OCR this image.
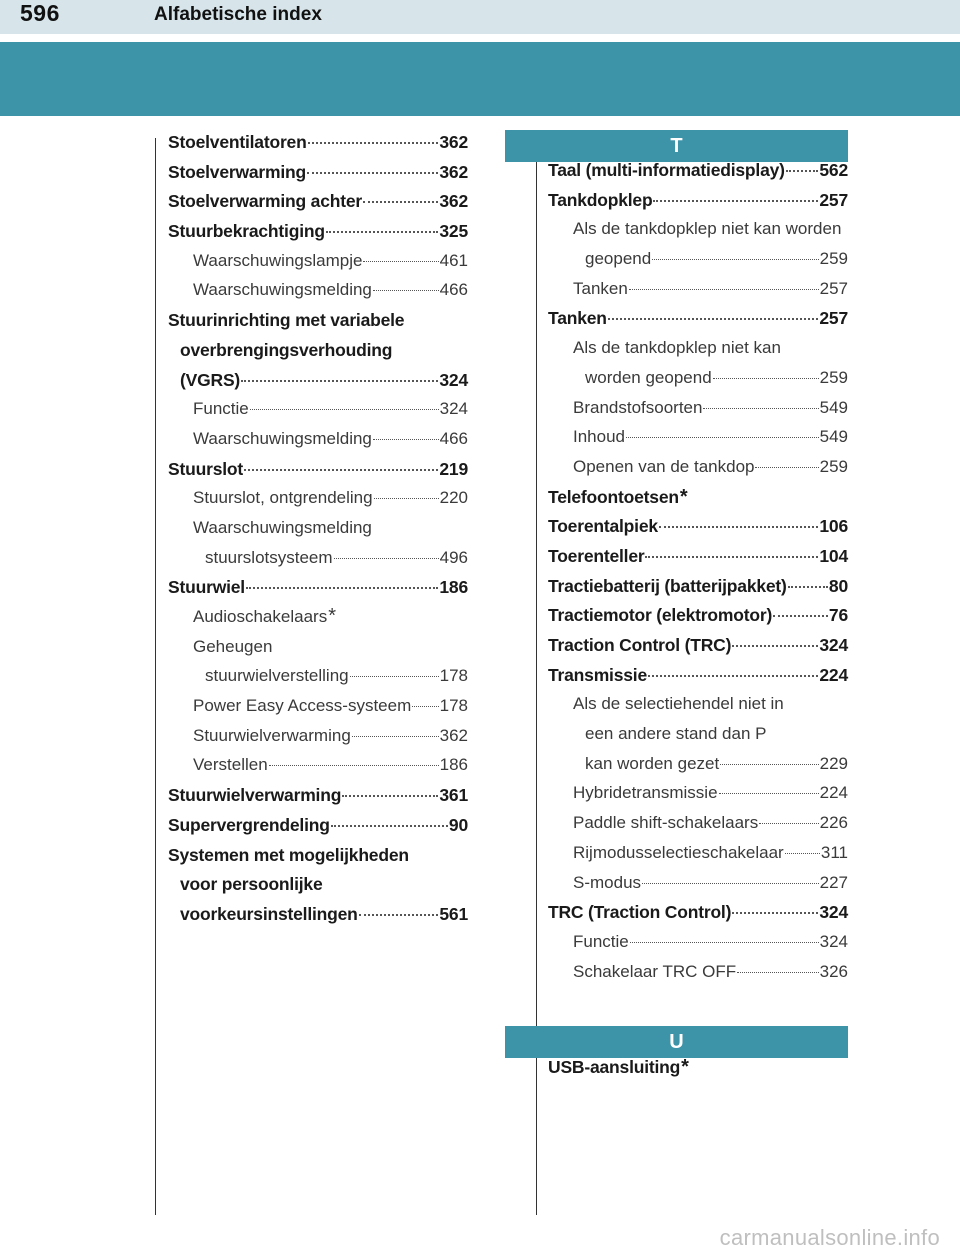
596	Alfabetische index
Stoelventilatoren	362
Stoelverwarming	362
Stoelverwarming achter	362
Stuurbekrachtiging	325
Waarschuwingslampje	461
Waarschuwingsmelding	466
Stuurinrichting met variabele
overbrengingsverhouding
(VGRS)	324
Functie	324
Waarschuwingsmelding	466
Stuurslot	219
Stuurslot, ontgrendeling	220
Waarschuwingsmelding
stuurslotsysteem	496
Stuurwiel	186
Audioschakelaars *
Geheugen
stuurwielverstelling	178
Power Easy Access-systeem 178
Stuurwielverwarming	362
Verstellen	186
Stuurwielverwarming	361
Supervergrendeling	90
Systemen met mogelijkheden
voor persoonlijke
voorkeursinstellingen	561
T
Taal (multi-informatiedisplay) 562
Tankdopklep	257
Als de tankdopklep niet kan worden
geopend	259
Tanken	257
Tanken	257
Als de tankdopklep niet kan
worden geopend	259
Brandstofsoorten	549
Inhoud	549
Openen van de tankdop	259
Telefoontoetsen *
Toerentalpiek	106
Toerenteller	104
Tractiebatterij (batterijpakket) 80
Tractiemotor (elektromotor)	76
Traction Control (TRC)	324
Transmissie	224
Als de selectiehendel niet in
een andere stand dan P
kan worden gezet	229
Hybridetransmissie	224
Paddle shift-schakelaars	226
Rijmodusselectieschakelaar 311
S-modus	227
TRC (Traction Control)	324
Functie	324
Schakelaar TRC OFF	326
U
USB-aansluiting *
carmanualsonline.info
